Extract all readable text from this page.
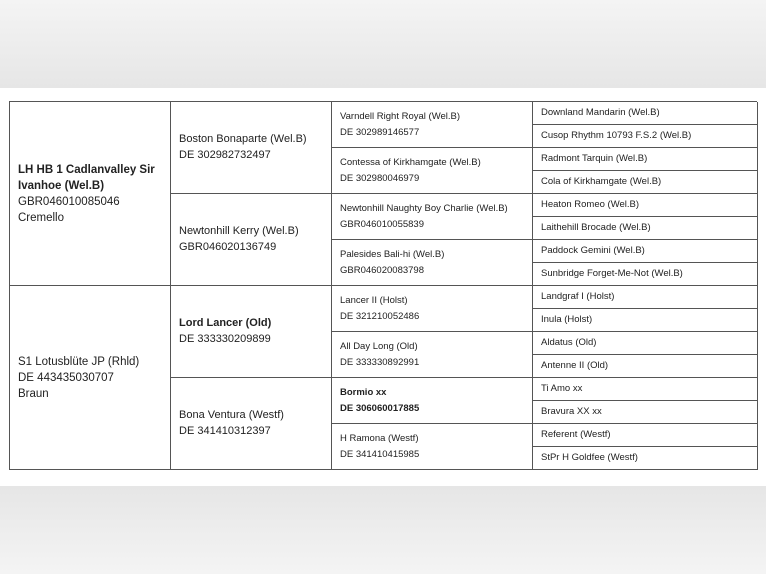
LH HB 1 Cadlanvalley Sir Ivanhoe (Wel.B)
GBR046010085046
Cremello
S1 Lotusblüte JP (Rhld)
DE 443435030707
Braun
Boston Bonaparte (Wel.B)
DE 302982732497
Newtonhill Kerry (Wel.B)
GBR046020136749
Lord Lancer (Old)
DE 333330209899
Bona Ventura (Westf)
DE 341410312397
Varndell Right Royal (Wel.B)
DE 302989146577
Contessa of Kirkhamgate (Wel.B)
DE 302980046979
Newtonhill Naughty Boy Charlie (Wel.B)
GBR046010055839
Palesides Bali-hi (Wel.B)
GBR046020083798
Lancer II (Holst)
DE 321210052486
All Day Long (Old)
DE 333330892991
Bormio xx
DE 306060017885
H Ramona (Westf)
DE 341410415985
Downland Mandarin (Wel.B)
Cusop Rhythm 10793 F.S.2 (Wel.B)
Radmont Tarquin (Wel.B)
Cola of Kirkhamgate (Wel.B)
Heaton Romeo (Wel.B)
Laithehill Brocade (Wel.B)
Paddock Gemini (Wel.B)
Sunbridge Forget-Me-Not (Wel.B)
Landgraf I (Holst)
Inula (Holst)
Aldatus (Old)
Antenne II (Old)
Ti Amo xx
Bravura XX xx
Referent (Westf)
StPr H Goldfee (Westf)
